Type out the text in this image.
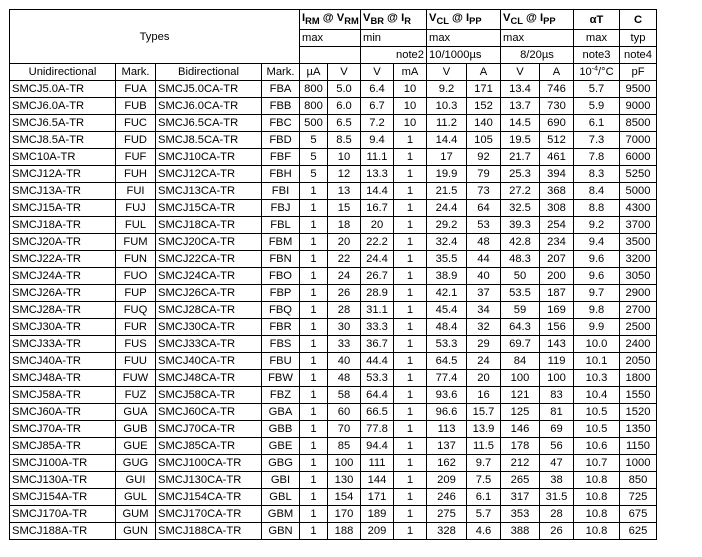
Types				$I_{RM}$ @ $V_{RM}$		$V_{BR}$ @ $I_R$		$V_{CL}$ @ $I_{PP}$		$V_{CL}$ @ $I_{PP}$		αT	C
				max		min		max		max		max	typ
						note2		10/1000µs		8/20µs		note3	note4
Unidirectional	Mark.	Bidirectional	Mark.	µA	V	V	mA	V	A	V	A	$10^{-4}/^\circ C$	pF
SMCJ5.0A-TR	FUA	SMCJ5.0CA-TR	FBA	800	5.0	6.4	10	9.2	171	13.4	746	5.7	9500
SMCJ6.0A-TR	FUB	SMCJ6.0CA-TR	FBB	800	6.0	6.7	10	10.3	152	13.7	730	5.9	9000
SMCJ6.5A-TR	FUC	SMCJ6.5CA-TR	FBC	500	6.5	7.2	10	11.2	140	14.5	690	6.1	8500
SMCJ8.5A-TR	FUD	SMCJ8.5CA-TR	FBD	5	8.5	9.4	1	14.4	105	19.5	512	7.3	7000
SMC10A-TR	FUF	SMCJ10CA-TR	FBF	5	10	11.1	1	17	92	21.7	461	7.8	6000
SMCJ12A-TR	FUH	SMCJ12CA-TR	FBH	5	12	13.3	1	19.9	79	25.3	394	8.3	5250
SMCJ13A-TR	FUI	SMCJ13CA-TR	FBI	1	13	14.4	1	21.5	73	27.2	368	8.4	5000
SMCJ15A-TR	FUJ	SMCJ15CA-TR	FBJ	1	15	16.7	1	24.4	64	32.5	308	8.8	4300
SMCJ18A-TR	FUL	SMCJ18CA-TR	FBL	1	18	20	1	29.2	53	39.3	254	9.2	3700
SMCJ20A-TR	FUM	SMCJ20CA-TR	FBM	1	20	22.2	1	32.4	48	42.8	234	9.4	3500
SMCJ22A-TR	FUN	SMCJ22CA-TR	FBN	1	22	24.4	1	35.5	44	48.3	207	9.6	3200
SMCJ24A-TR	FUO	SMCJ24CA-TR	FBO	1	24	26.7	1	38.9	40	50	200	9.6	3050
SMCJ26A-TR	FUP	SMCJ26CA-TR	FBP	1	26	28.9	1	42.1	37	53.5	187	9.7	2900
SMCJ28A-TR	FUQ	SMCJ28CA-TR	FBQ	1	28	31.1	1	45.4	34	59	169	9.8	2700
SMCJ30A-TR	FUR	SMCJ30CA-TR	FBR	1	30	33.3	1	48.4	32	64.3	156	9.9	2500
SMCJ33A-TR	FUS	SMCJ33CA-TR	FBS	1	33	36.7	1	53.3	29	69.7	143	10.0	2400
SMCJ40A-TR	FUU	SMCJ40CA-TR	FBU	1	40	44.4	1	64.5	24	84	119	10.1	2050
SMCJ48A-TR	FUW	SMCJ48CA-TR	FBW	1	48	53.3	1	77.4	20	100	100	10.3	1800
SMCJ58A-TR	FUZ	SMCJ58CA-TR	FBZ	1	58	64.4	1	93.6	16	121	83	10.4	1550
SMCJ60A-TR	GUA	SMCJ60CA-TR	GBA	1	60	66.5	1	96.6	15.7	125	81	10.5	1520
SMCJ70A-TR	GUB	SMCJ70CA-TR	GBB	1	70	77.8	1	113	13.9	146	69	10.5	1350
SMCJ85A-TR	GUE	SMCJ85CA-TR	GBE	1	85	94.4	1	137	11.5	178	56	10.6	1150
SMCJ100A-TR	GUG	SMCJ100CA-TR	GBG	1	100	111	1	162	9.7	212	47	10.7	1000
SMCJ130A-TR	GUI	SMCJ130CA-TR	GBI	1	130	144	1	209	7.5	265	38	10.8	850
SMCJ154A-TR	GUL	SMCJ154CA-TR	GBL	1	154	171	1	246	6.1	317	31.5	10.8	725
SMCJ170A-TR	GUM	SMCJ170CA-TR	GBM	1	170	189	1	275	5.7	353	28	10.8	675
SMCJ188A-TR	GUN	SMCJ188CA-TR	GBN	1	188	209	1	328	4.6	388	26	10.8	625
